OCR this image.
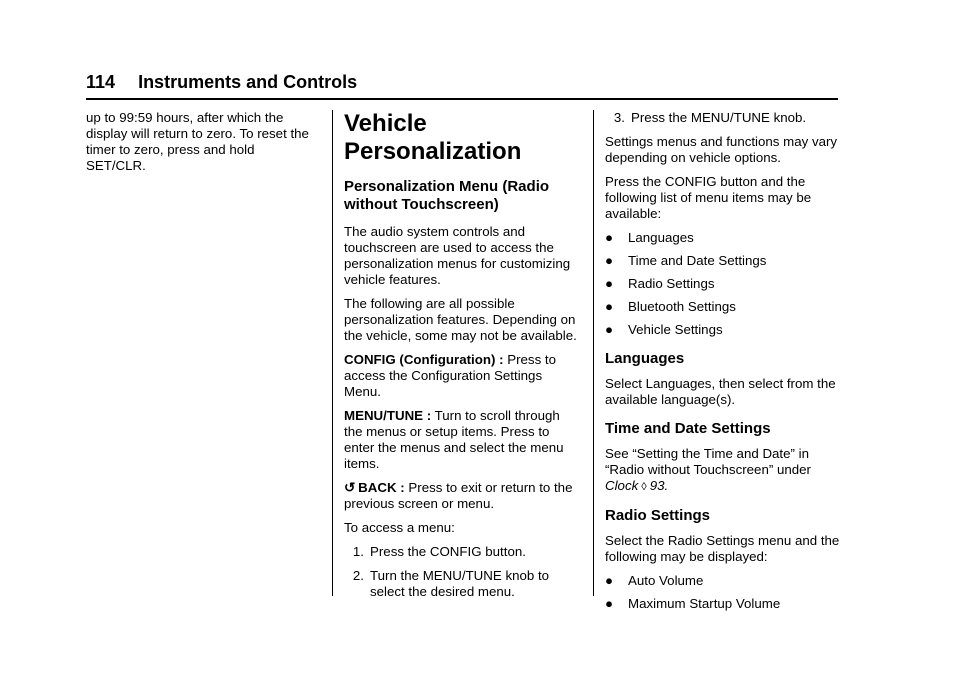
114 Instruments and Controls

up to 99:59 hours, after which the display will return to zero. To reset the timer to zero, press and hold SET/CLR.

Vehicle Personalization
Personalization Menu (Radio without Touchscreen)

The audio system controls and touchscreen are used to access the personalization menus for customizing vehicle features.

The following are all possible personalization features. Depending on the vehicle, some may not be available.

CONFIG (Configuration) : Press to access the Configuration Settings Menu.

MENU/TUNE : Turn to scroll through the menus or setup items. Press to enter the menus and select the menu items.

↺ BACK : Press to exit or return to the previous screen or menu.

To access a menu:

1. Press the CONFIG button.
2. Turn the MENU/TUNE knob to select the desired menu.
3. Press the MENU/TUNE knob.

Settings menus and functions may vary depending on vehicle options.

Press the CONFIG button and the following list of menu items may be available:

●	Languages
●	Time and Date Settings
●	Radio Settings
●	Bluetooth Settings
●	Vehicle Settings
Languages

Select Languages, then select from the available language(s).

Time and Date Settings

See “Setting the Time and Date” in “Radio without Touchscreen” under Clock ◊ 93.

Radio Settings

Select the Radio Settings menu and the following may be displayed:

●	Auto Volume
●	Maximum Startup Volume
